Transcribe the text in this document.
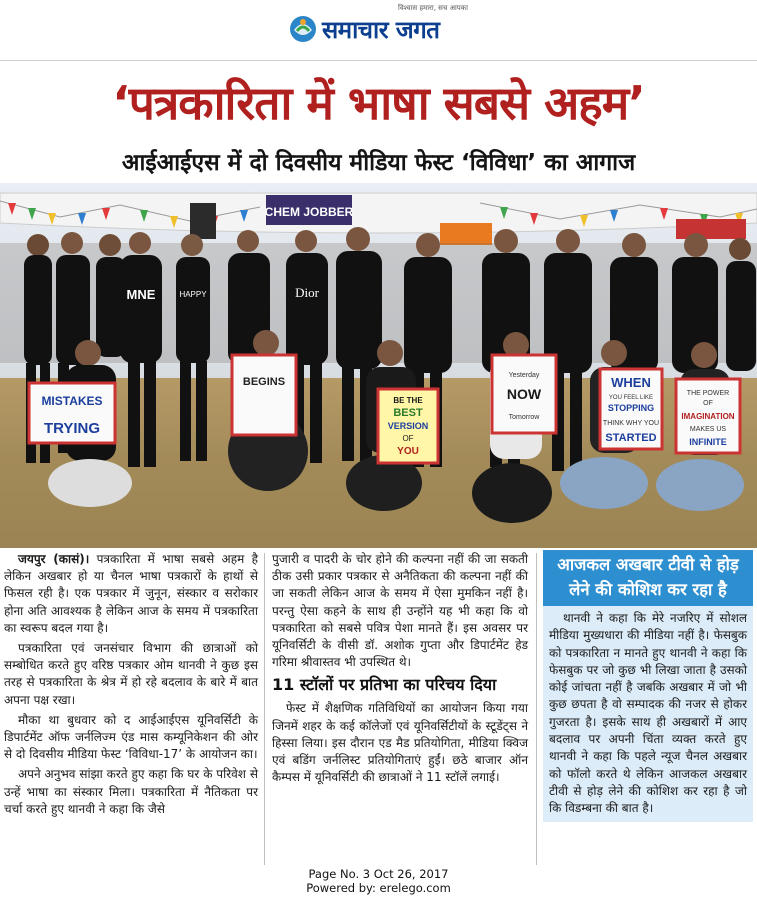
समाचार जगत
विश्वास हमारा, सच आपका
‘पत्रकारिता में भाषा सबसे अहम’
आईआईएस में दो दिवसीय मीडिया फेस्ट ‘विविधा’ का आगाज
CHEM JOBBER
MNE	HAPPY	Dior
MISTAKES
TRYING
BEGINS
BE THE
BEST
VERSION
OF
YOU
Yesterday
NOW
Tomorrow
WHEN
YOU FEEL LIKE
STOPPING
THINK WHY YOU
STARTED
THE POWER
OF
IMAGINATION
MAKES US
INFINITE

जयपुर (कासं)। पत्रकारिता में भाषा सबसे अहम है लेकिन अखबार हो या चैनल भाषा पत्रकारों के हाथों से फिसल रही है। एक पत्रकार में जुनून, संस्कार व सरोकार होना अति आवश्यक है लेकिन आज के समय में पत्रकारिता का स्वरूप बदल गया है।

पत्रकारिता एवं जनसंचार विभाग की छात्राओं को सम्बोधित करते हुए वरिष्ठ पत्रकार ओम थानवी ने कुछ इस तरह से पत्रकारिता के श्रेत्र में हो रहे बदलाव के बारे में बात अपना पक्ष रखा।

मौका था बुधवार को द आईआईएस यूनिवर्सिटी के डिपार्टमेंट ऑफ जर्नलिज्म एंड मास कम्यूनिकेशन की ओर से दो दिवसीय मीडिया फेस्ट ‘विविधा-17’ के आयोजन का।

अपने अनुभव सांझा करते हुए कहा कि घर के परिवेश से उन्हें भाषा का संस्कार मिला। पत्रकारिता में नैतिकता पर चर्चा करते हुए थानवी ने कहा कि जैसे

पुजारी व पादरी के चोर होने की कल्पना नहीं की जा सकती ठीक उसी प्रकार पत्रकार से अनैतिकता की कल्पना नहीं की जा सकती लेकिन आज के समय में ऐसा मुमकिन नहीं है। परन्तु ऐसा कहने के साथ ही उन्होंने यह भी कहा कि वो पत्रकारिता को सबसे पवित्र पेशा मानते हैं। इस अवसर पर यूनिवर्सिटी के वीसी डॉ. अशोक गुप्ता और डिपार्टमेंट हेड गरिमा श्रीवास्तव भी उपस्थित थे।

11 स्टॉलों पर प्रतिभा का परिचय दिया

फेस्ट में शैक्षणिक गतिविधियों का आयोजन किया गया जिनमें शहर के कई कॉलेजों एवं यूनिवर्सिटीयों के स्टूडेंट्स ने हिस्सा लिया। इस दौरान एड मैड प्रतियोगिता, मीडिया क्विज एवं बडिंग जर्नलिस्ट प्रतियोगिताएं हुईं। छठे बाजार ऑन कैम्पस में यूनिवर्सिटी की छात्राओं ने 11 स्टॉलें लगाई।

आजकल अखबार टीवी से होड़ लेने की कोशिश कर रहा है

थानवी ने कहा कि मेरे नजरिए में सोशल मीडिया मुख्यधारा की मीडिया नहीं है। फेसबुक को पत्रकारिता न मानते हुए थानवी ने कहा कि फेसबुक पर जो कुछ भी लिखा जाता है उसको कोई जांचता नहीं है जबकि अखबार में जो भी कुछ छपता है वो सम्पादक की नजर से होकर गुजरता है। इसके साथ ही अखबारों में आए बदलाव पर अपनी चिंता व्यक्त करते हुए थानवी ने कहा कि पहले न्यूज चैनल अखबार को फॉलो करते थे लेकिन आजकल अखबार टीवी से होड़ लेने की कोशिश कर रहा है जो कि विडम्बना की बात है।

Page No. 3 Oct 26, 2017
Powered by: erelego.com
